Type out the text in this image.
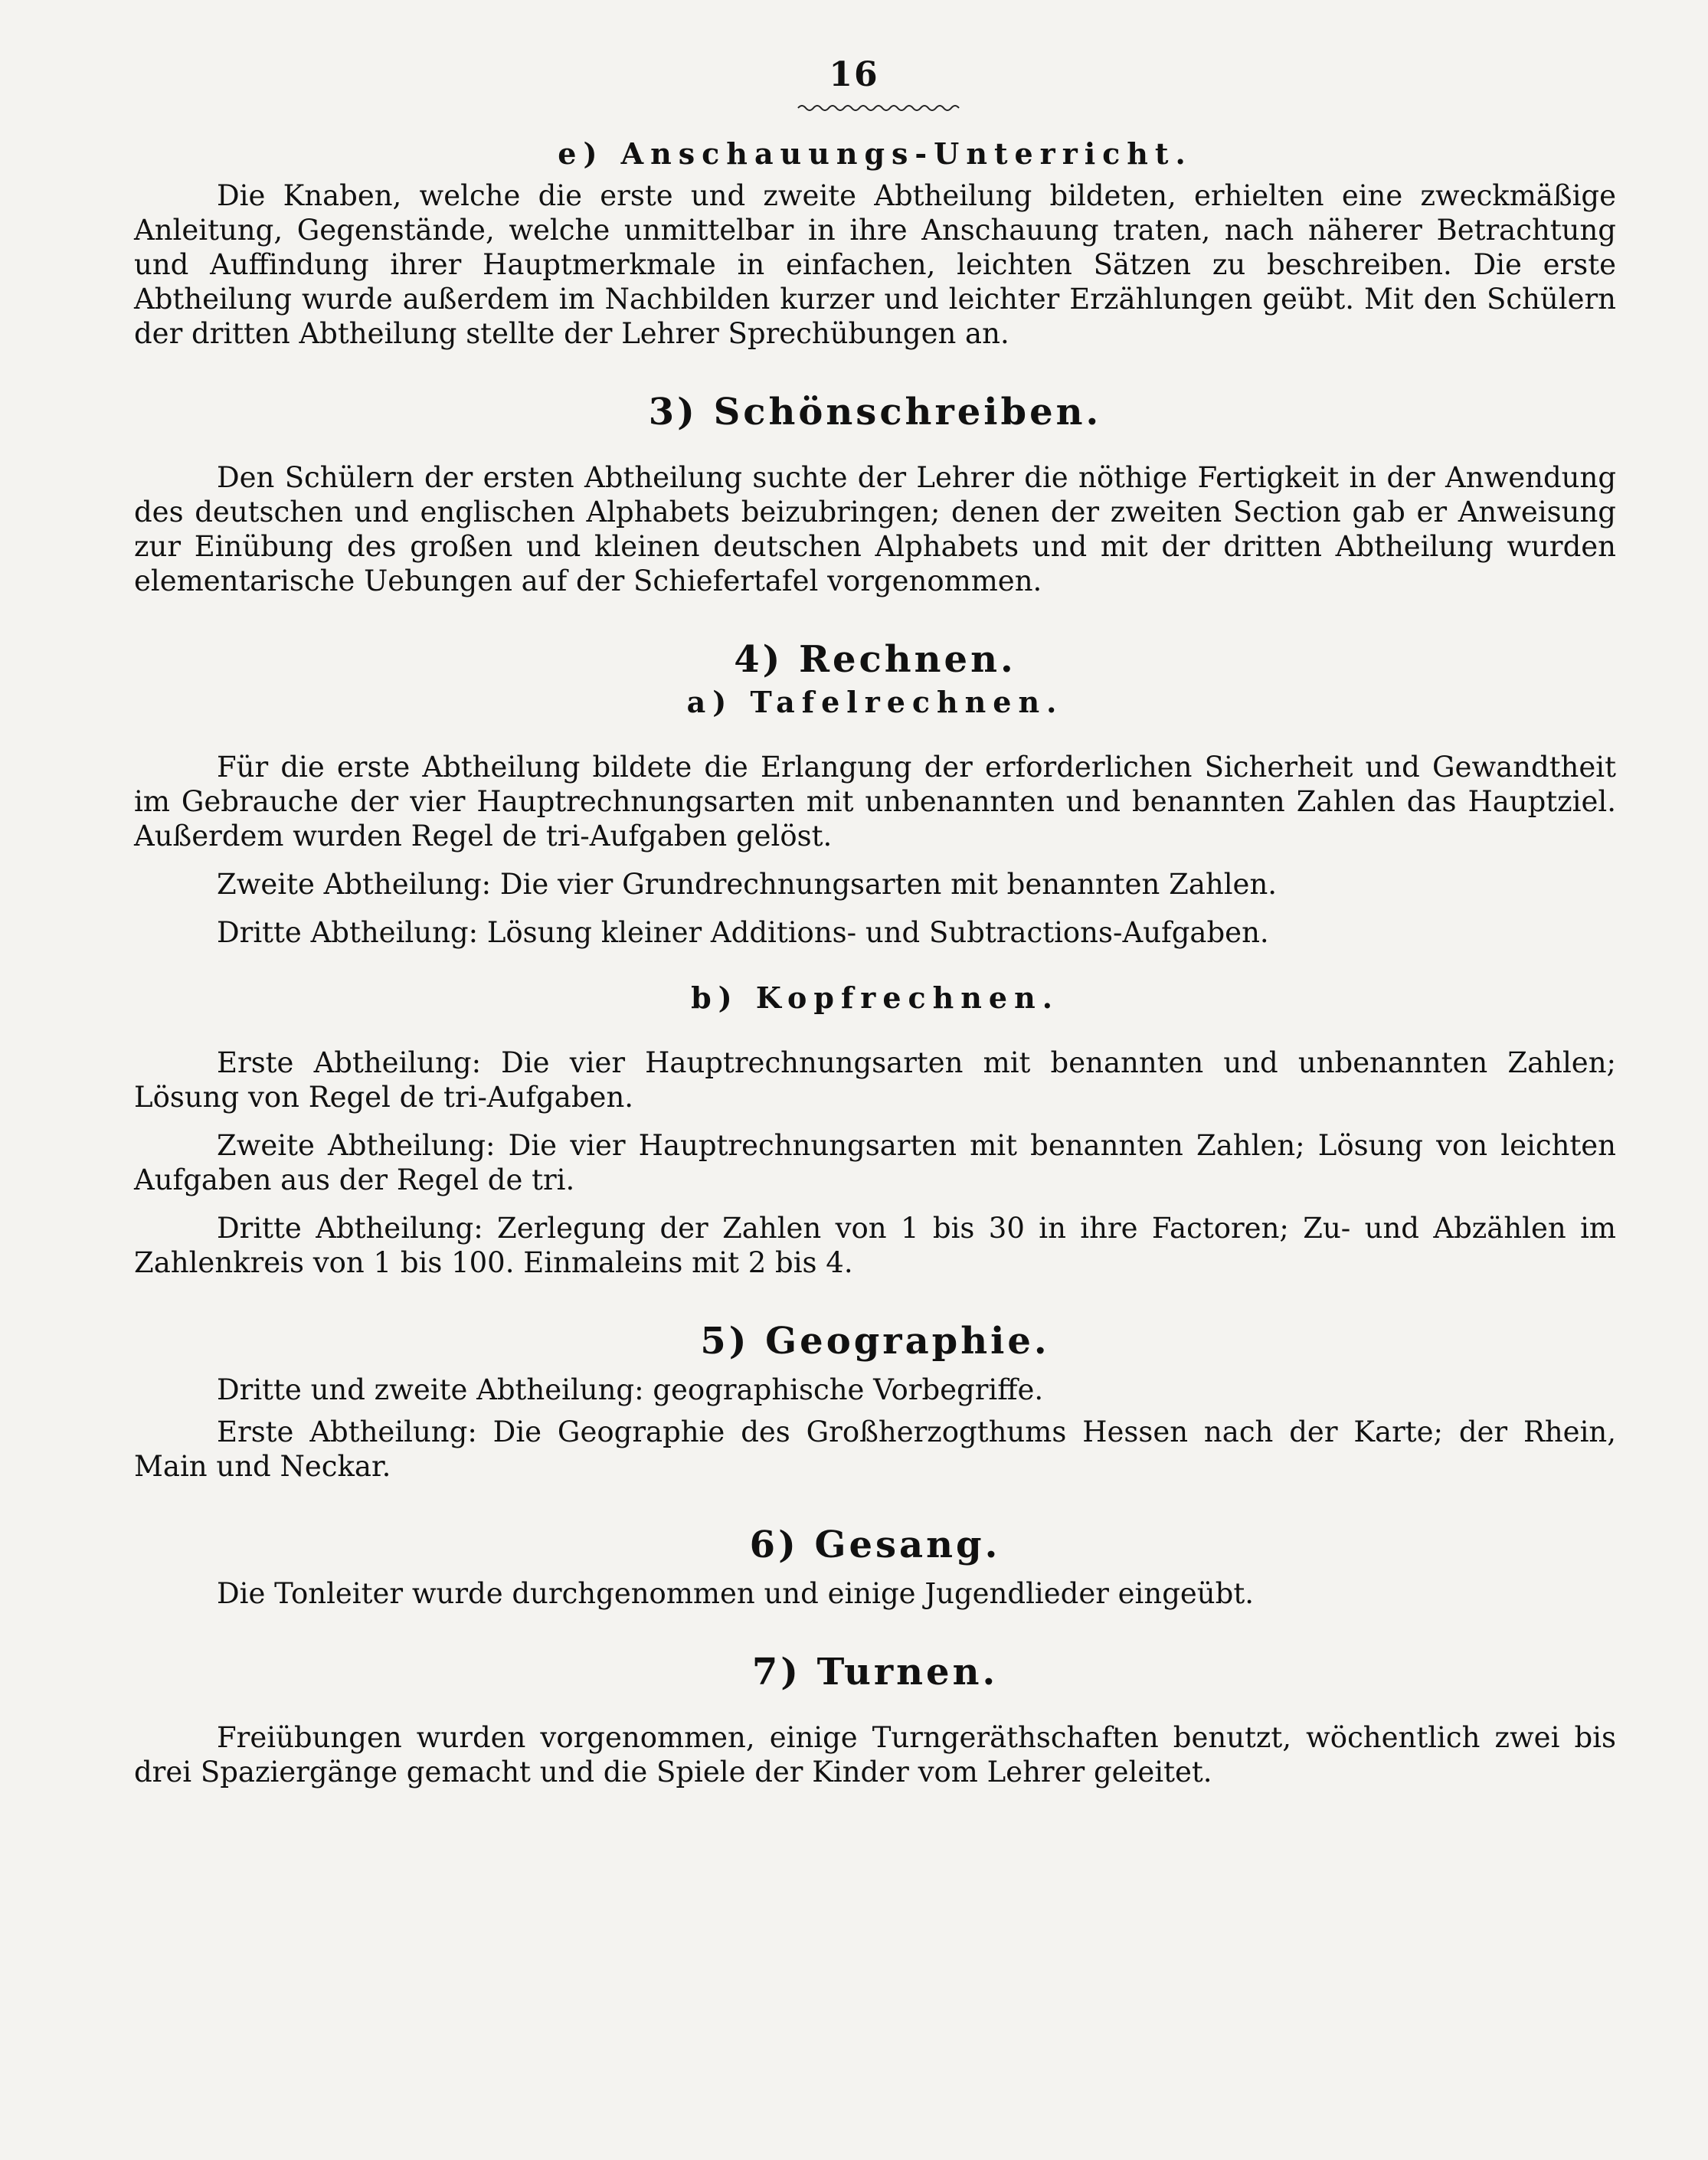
16
e) Anschauungs-Unterricht.

Die Knaben, welche die erste und zweite Abtheilung bildeten, erhielten eine zweckmäßige Anleitung, Gegenstände, welche unmittelbar in ihre Anschauung traten, nach näherer Betrachtung und Auffindung ihrer Hauptmerkmale in einfachen, leichten Sätzen zu beschreiben. Die erste Abtheilung wurde außerdem im Nachbilden kurzer und leichter Erzählungen geübt. Mit den Schülern der dritten Abtheilung stellte der Lehrer Sprechübungen an.

3) Schönschreiben.

Den Schülern der ersten Abtheilung suchte der Lehrer die nöthige Fertigkeit in der Anwendung des deutschen und englischen Alphabets beizubringen; denen der zweiten Section gab er Anweisung zur Einübung des großen und kleinen deutschen Alphabets und mit der dritten Abtheilung wurden elementarische Uebungen auf der Schiefertafel vorgenommen.

4) Rechnen.
a) Tafelrechnen.

Für die erste Abtheilung bildete die Erlangung der erforderlichen Sicherheit und Gewandtheit im Gebrauche der vier Hauptrechnungsarten mit unbenannten und benannten Zahlen das Hauptziel. Außerdem wurden Regel de tri-Aufgaben gelöst.

Zweite Abtheilung: Die vier Grundrechnungsarten mit benannten Zahlen.

Dritte Abtheilung: Lösung kleiner Additions- und Subtractions-Aufgaben.

b) Kopfrechnen.

Erste Abtheilung: Die vier Hauptrechnungsarten mit benannten und unbenannten Zahlen; Lösung von Regel de tri-Aufgaben.

Zweite Abtheilung: Die vier Hauptrechnungsarten mit benannten Zahlen; Lösung von leichten Aufgaben aus der Regel de tri.

Dritte Abtheilung: Zerlegung der Zahlen von 1 bis 30 in ihre Factoren; Zu- und Abzählen im Zahlenkreis von 1 bis 100. Einmaleins mit 2 bis 4.

5) Geographie.

Dritte und zweite Abtheilung: geographische Vorbegriffe.

Erste Abtheilung: Die Geographie des Großherzogthums Hessen nach der Karte; der Rhein, Main und Neckar.

6) Gesang.

Die Tonleiter wurde durchgenommen und einige Jugendlieder eingeübt.

7) Turnen.

Freiübungen wurden vorgenommen, einige Turngeräthschaften benutzt, wöchentlich zwei bis drei Spaziergänge gemacht und die Spiele der Kinder vom Lehrer geleitet.
